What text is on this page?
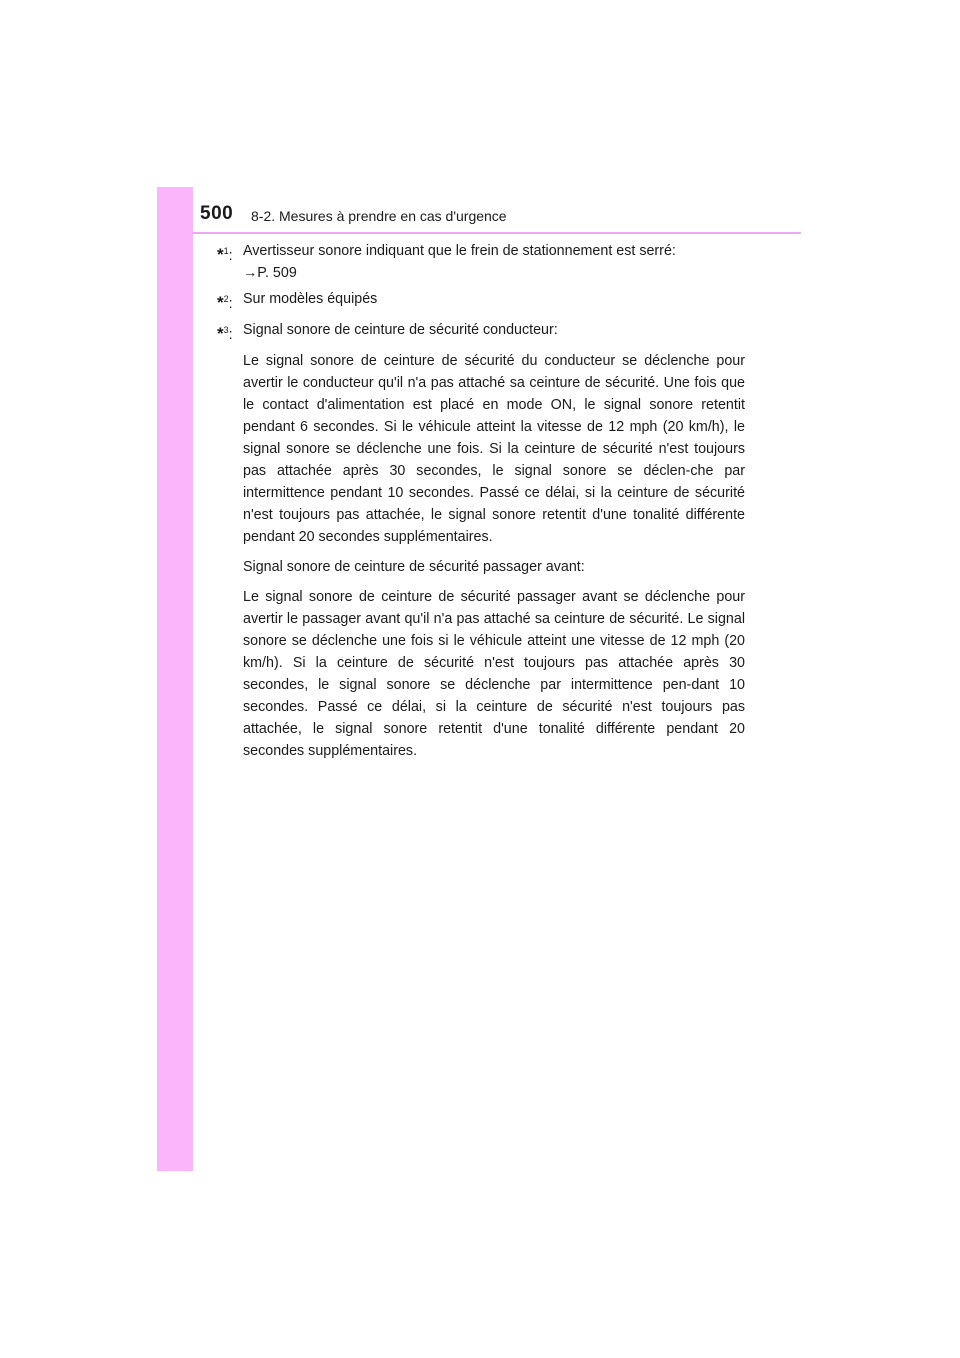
500 8-2. Mesures à prendre en cas d'urgence
*$^1$: Avertisseur sonore indiquant que le frein de stationnement est serré:
→P. 509
*$^2$: Sur modèles équipés
*$^3$: Signal sonore de ceinture de sécurité conducteur:

Le signal sonore de ceinture de sécurité du conducteur se déclenche pour avertir le conducteur qu'il n'a pas attaché sa ceinture de sécurité. Une fois que le contact d'alimentation est placé en mode ON, le signal sonore retentit pendant 6 secondes. Si le véhicule atteint la vitesse de 12 mph (20 km/h), le signal sonore se déclenche une fois. Si la ceinture de sécurité n'est toujours pas attachée après 30 secondes, le signal sonore se déclen-che par intermittence pendant 10 secondes. Passé ce délai, si la ceinture de sécurité n'est toujours pas attachée, le signal sonore retentit d'une tonalité différente pendant 20 secondes supplémentaires.

Signal sonore de ceinture de sécurité passager avant:

Le signal sonore de ceinture de sécurité passager avant se déclenche pour avertir le passager avant qu'il n'a pas attaché sa ceinture de sécurité. Le signal sonore se déclenche une fois si le véhicule atteint une vitesse de 12 mph (20 km/h). Si la ceinture de sécurité n'est toujours pas attachée après 30 secondes, le signal sonore se déclenche par intermittence pen-dant 10 secondes. Passé ce délai, si la ceinture de sécurité n'est toujours pas attachée, le signal sonore retentit d'une tonalité différente pendant 20 secondes supplémentaires.
